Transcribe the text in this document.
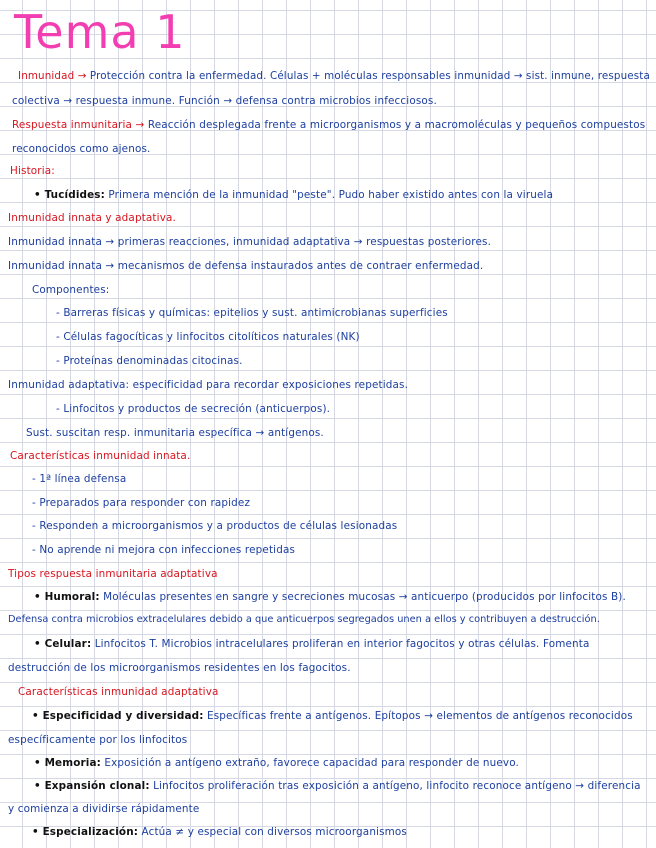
Tema 1
Inmunidad → Protección contra la enfermedad. Células + moléculas responsables inmunidad → sist. inmune, respuesta
colectiva → respuesta inmune. Función → defensa contra microbios infecciosos.
Respuesta inmunitaria → Reacción desplegada frente a microorganismos y a macromoléculas y pequeños compuestos
reconocidos como ajenos.
Historia:
• Tucídides: Primera mención de la inmunidad "peste". Pudo haber existido antes con la viruela
Inmunidad innata y adaptativa.
Inmunidad innata → primeras reacciones, inmunidad adaptativa → respuestas posteriores.
Inmunidad innata → mecanismos de defensa instaurados antes de contraer enfermedad.
Componentes:
- Barreras físicas y químicas: epitelios y sust. antimicrobianas superficies
- Células fagocíticas y linfocitos citolíticos naturales (NK)
- Proteínas denominadas citocinas.
Inmunidad adaptativa: especificidad para recordar exposiciones repetidas.
- Linfocitos y productos de secreción (anticuerpos).
Sust. suscitan resp. inmunitaria específica → antígenos.
Características inmunidad innata.
- 1ª línea defensa
- Preparados para responder con rapidez
- Responden a microorganismos y a productos de células lesionadas
- No aprende ni mejora con infecciones repetidas
Tipos respuesta inmunitaria adaptativa
• Humoral: Moléculas presentes en sangre y secreciones mucosas → anticuerpo (producidos por linfocitos B).
Defensa contra microbios extracelulares debido a que anticuerpos segregados unen a ellos y contribuyen a destrucción.
• Celular: Linfocitos T. Microbios intracelulares proliferan en interior fagocitos y otras células. Fomenta
destrucción de los microorganismos residentes en los fagocitos.
Características inmunidad adaptativa
• Especificidad y diversidad: Específicas frente a antígenos. Epítopos → elementos de antígenos reconocidos
específicamente por los linfocitos
• Memoria: Exposición a antígeno extraño, favorece capacidad para responder de nuevo.
• Expansión clonal: Linfocitos proliferación tras exposición a antígeno, linfocito reconoce antígeno → diferencia
y comienza a dividirse rápidamente
• Especialización: Actúa ≠ y especial con diversos microorganismos
